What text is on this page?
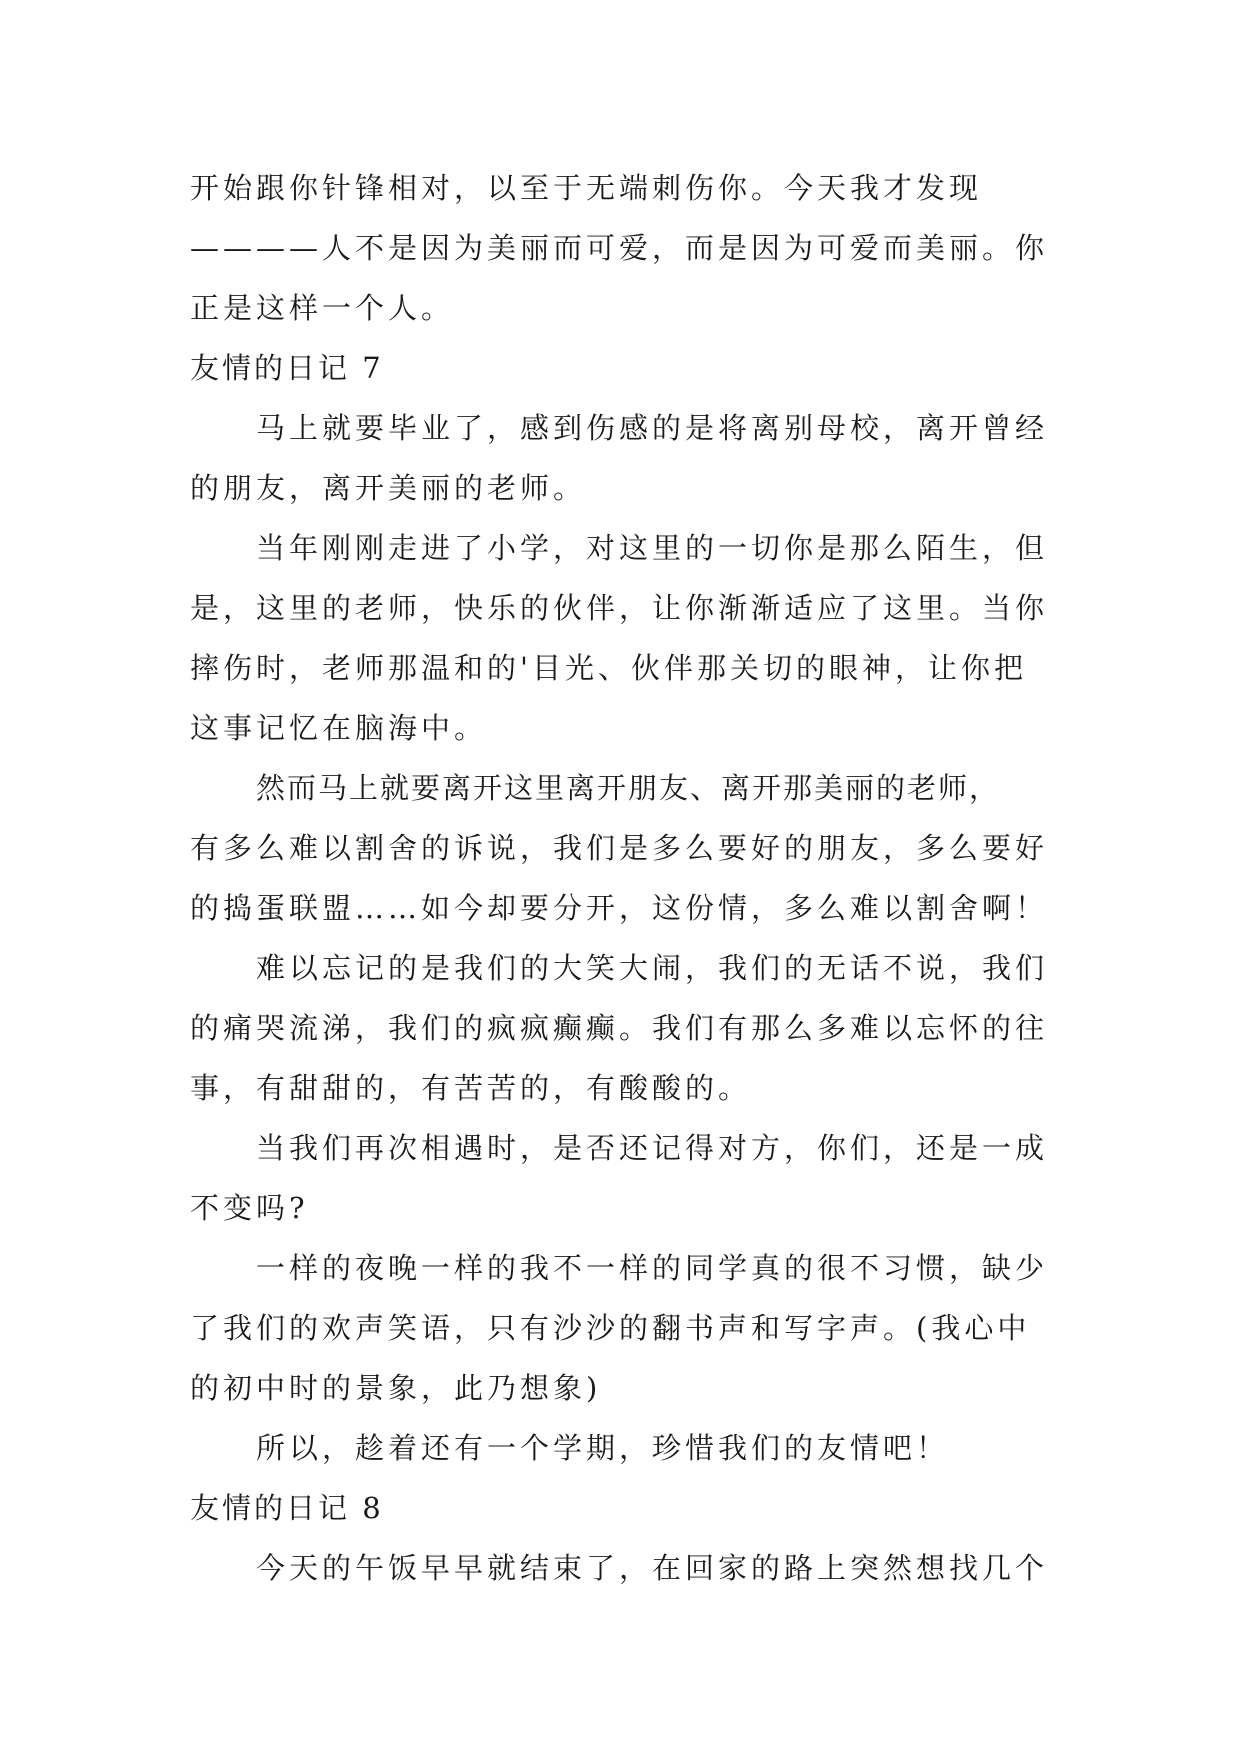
开始跟你针锋相对，以至于无端刺伤你。今天我才发现
————人不是因为美丽而可爱，而是因为可爱而美丽。你
正是这样一个人。
友情的日记 7
马上就要毕业了，感到伤感的是将离别母校，离开曾经
的朋友，离开美丽的老师。
当年刚刚走进了小学，对这里的一切你是那么陌生，但
是，这里的老师，快乐的伙伴，让你渐渐适应了这里。当你
摔伤时，老师那温和的'目光、伙伴那关切的眼神，让你把
这事记忆在脑海中。
然而马上就要离开这里离开朋友、离开那美丽的老师，
有多么难以割舍的诉说，我们是多么要好的朋友，多么要好
的捣蛋联盟……如今却要分开，这份情，多么难以割舍啊！
难以忘记的是我们的大笑大闹，我们的无话不说，我们
的痛哭流涕，我们的疯疯癫癫。我们有那么多难以忘怀的往
事，有甜甜的，有苦苦的，有酸酸的。
当我们再次相遇时，是否还记得对方，你们，还是一成
不变吗?
一样的夜晚一样的我不一样的同学真的很不习惯，缺少
了我们的欢声笑语，只有沙沙的翻书声和写字声。(我心中
的初中时的景象，此乃想象)
所以，趁着还有一个学期，珍惜我们的友情吧！
友情的日记 8
今天的午饭早早就结束了，在回家的路上突然想找几个
